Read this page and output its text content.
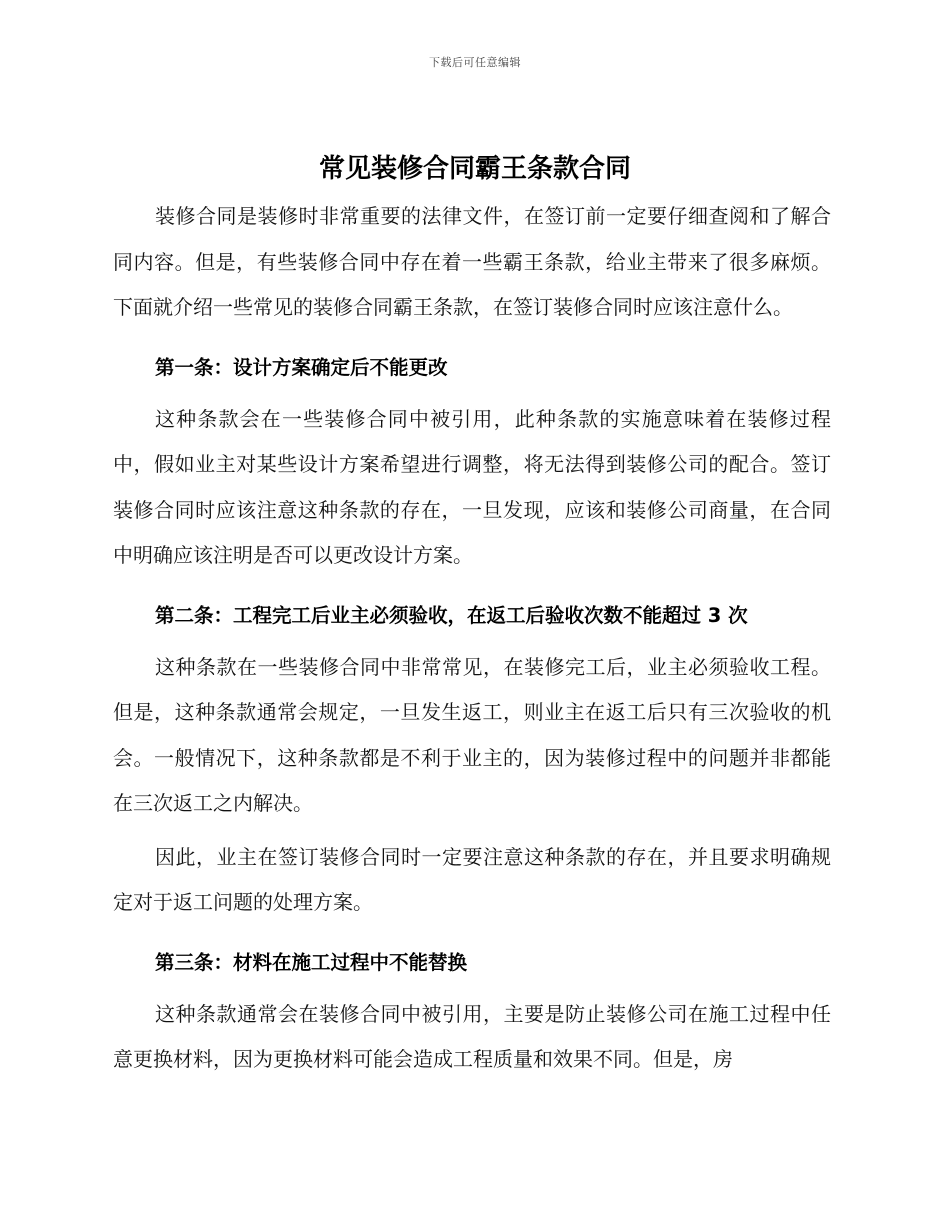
下载后可任意编辑
常见装修合同霸王条款合同

装修合同是装修时非常重要的法律文件，在签订前一定要仔细查阅和了解合同内容。但是，有些装修合同中存在着一些霸王条款，给业主带来了很多麻烦。下面就介绍一些常见的装修合同霸王条款，在签订装修合同时应该注意什么。

第一条：设计方案确定后不能更改

这种条款会在一些装修合同中被引用，此种条款的实施意味着在装修过程中，假如业主对某些设计方案希望进行调整，将无法得到装修公司的配合。签订装修合同时应该注意这种条款的存在，一旦发现，应该和装修公司商量，在合同中明确应该注明是否可以更改设计方案。

第二条：工程完工后业主必须验收，在返工后验收次数不能超过 3 次

这种条款在一些装修合同中非常常见，在装修完工后，业主必须验收工程。但是，这种条款通常会规定，一旦发生返工，则业主在返工后只有三次验收的机会。一般情况下，这种条款都是不利于业主的，因为装修过程中的问题并非都能在三次返工之内解决。

因此，业主在签订装修合同时一定要注意这种条款的存在，并且要求明确规定对于返工问题的处理方案。

第三条：材料在施工过程中不能替换

这种条款通常会在装修合同中被引用，主要是防止装修公司在施工过程中任意更换材料，因为更换材料可能会造成工程质量和效果不同。但是，房
